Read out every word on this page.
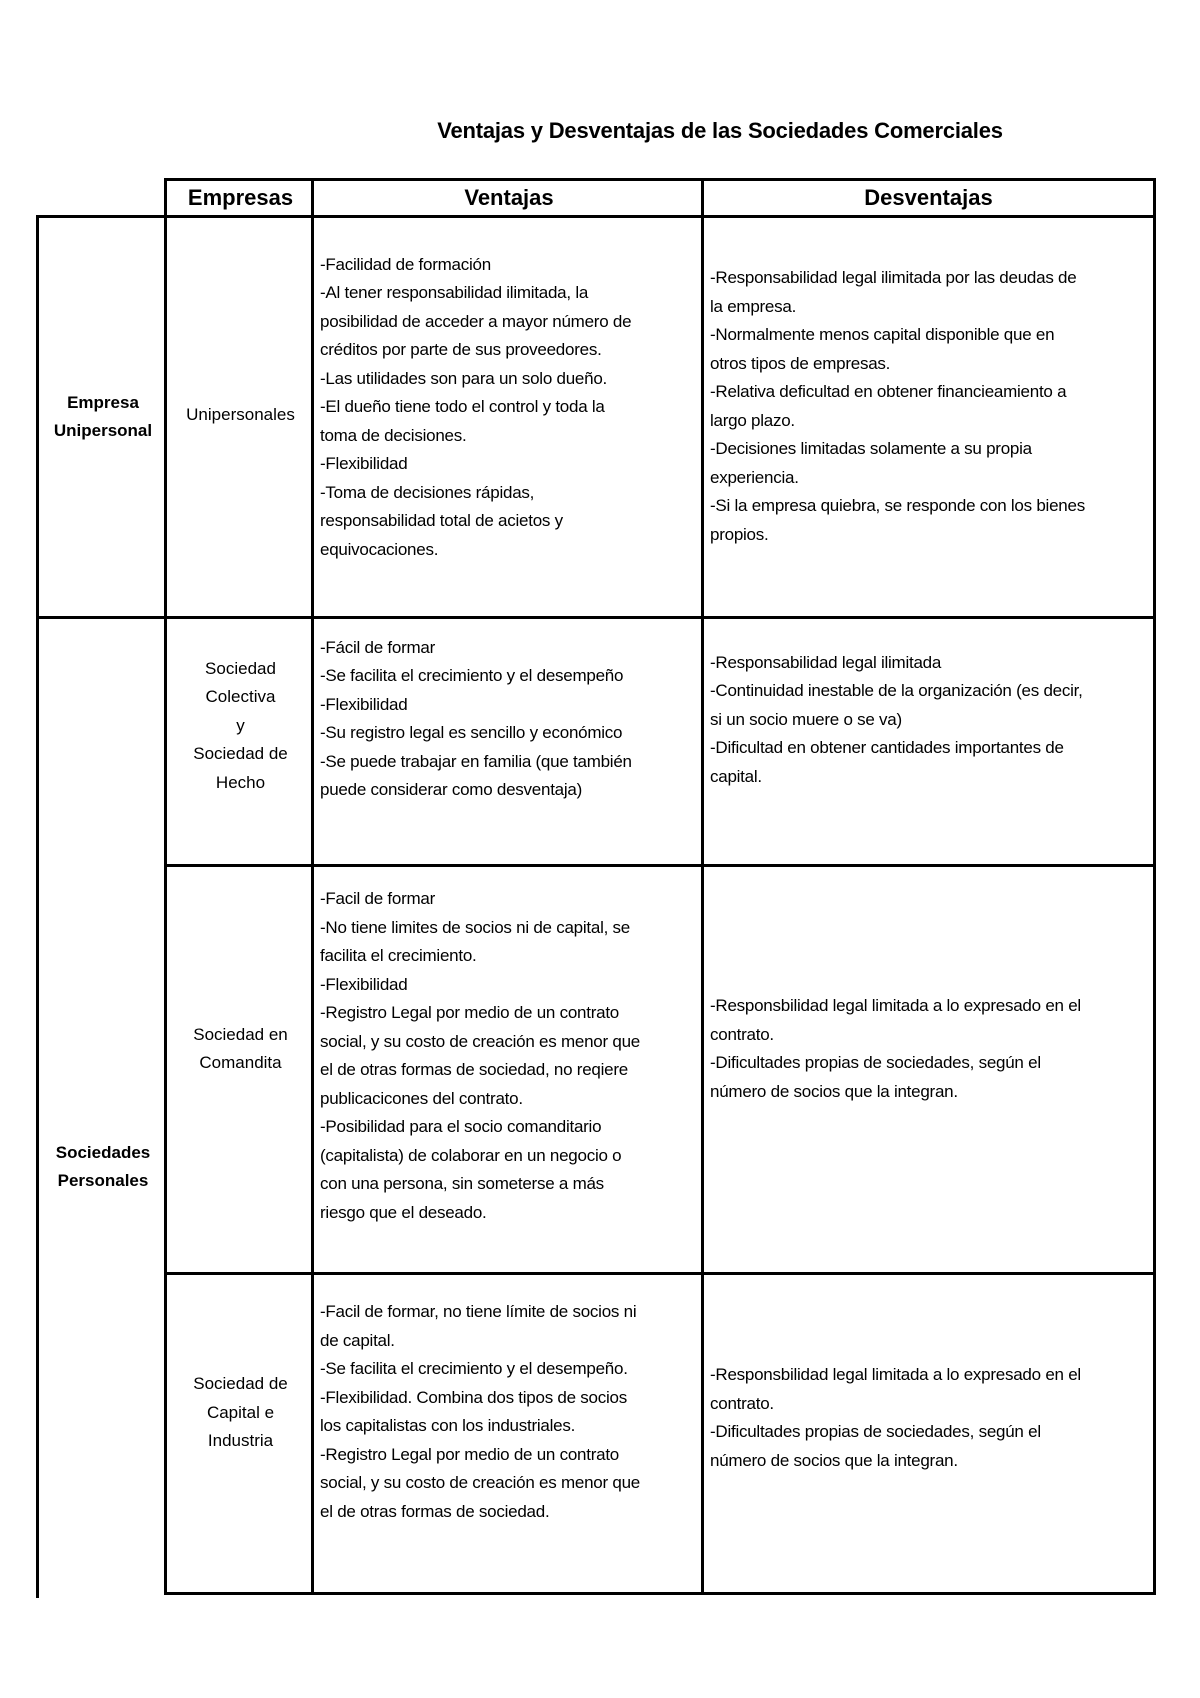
Ventajas y Desventajas de las Sociedades Comerciales
Empresas	Ventajas	Desventajas
Empresa
Unipersonal
Sociedades
Personales
Unipersonales
-Facilidad de formación
-Al tener responsabilidad ilimitada, la
posibilidad de acceder a mayor número de
créditos por parte de sus proveedores.
-Las utilidades son para un solo dueño.
-El dueño tiene todo el control y toda la
toma de decisiones.
-Flexibilidad
-Toma de decisiones rápidas,
responsabilidad total de acietos y
equivocaciones.
-Responsabilidad legal ilimitada por las deudas de
la empresa.
-Normalmente menos capital disponible que en
otros tipos de empresas.
-Relativa deficultad en obtener financieamiento a
largo plazo.
-Decisiones limitadas solamente a su propia
experiencia.
-Si la empresa quiebra, se responde con los bienes
propios.
Sociedad
Colectiva
y
Sociedad de
Hecho
-Fácil de formar
-Se facilita el crecimiento y el desempeño
-Flexibilidad
-Su registro legal es sencillo y económico
-Se puede trabajar en familia (que también
puede considerar como desventaja)
-Responsabilidad legal ilimitada
-Continuidad inestable de la organización (es decir,
si un socio muere o se va)
-Dificultad en obtener cantidades importantes de
capital.
Sociedad en
Comandita
-Facil de formar
-No tiene limites de socios ni de capital, se
facilita el crecimiento.
-Flexibilidad
-Registro Legal por medio de un contrato
social, y su costo de creación es menor que
el de otras formas de sociedad, no reqiere
publicacicones del contrato.
-Posibilidad para el socio comanditario
(capitalista) de colaborar en un negocio o
con una persona, sin someterse a más
riesgo que el deseado.
-Responsbilidad legal limitada a lo expresado en el
contrato.
-Dificultades propias de sociedades, según el
número de socios que la integran.
Sociedad de
Capital e
Industria
-Facil de formar, no tiene límite de socios ni
de capital.
-Se facilita el crecimiento y el desempeño.
-Flexibilidad. Combina dos tipos de socios
los capitalistas con los industriales.
-Registro Legal por medio de un contrato
social, y su costo de creación es menor que
el de otras formas de sociedad.
-Responsbilidad legal limitada a lo expresado en el
contrato.
-Dificultades propias de sociedades, según el
número de socios que la integran.
